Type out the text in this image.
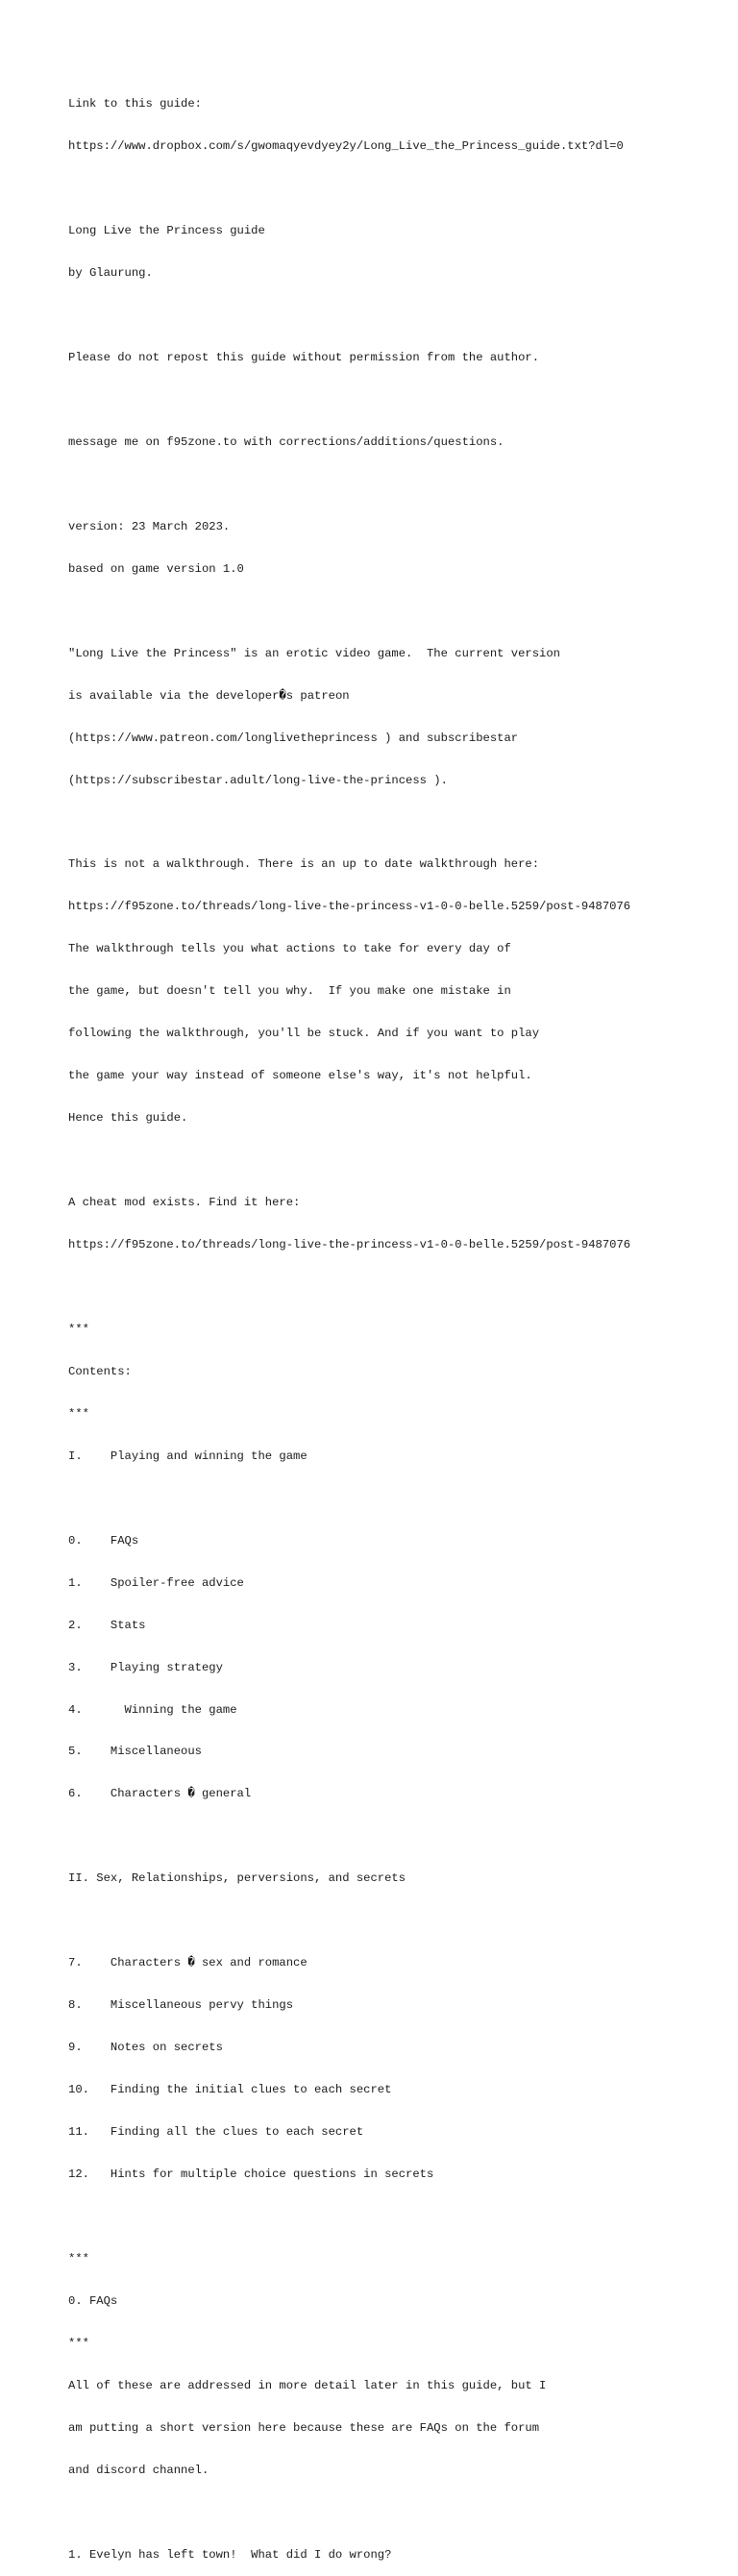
Link to this guide:

https://www.dropbox.com/s/gwomaqyevdyey2y/Long_Live_the_Princess_guide.txt?dl=0

Long Live the Princess guide

by Glaurung.

Please do not repost this guide without permission from the author.

message me on f95zone.to with corrections/additions/questions.

version: 23 March 2023.

based on game version 1.0

"Long Live the Princess" is an erotic video game.  The current version

is available via the developer�s patreon

(https://www.patreon.com/longlivetheprincess ) and subscribestar

(https://subscribestar.adult/long-live-the-princess ).

This is not a walkthrough. There is an up to date walkthrough here:

https://f95zone.to/threads/long-live-the-princess-v1-0-0-belle.5259/post-9487076

The walkthrough tells you what actions to take for every day of

the game, but doesn't tell you why.  If you make one mistake in

following the walkthrough, you'll be stuck. And if you want to play

the game your way instead of someone else's way, it's not helpful.

Hence this guide.

A cheat mod exists. Find it here:

https://f95zone.to/threads/long-live-the-princess-v1-0-0-belle.5259/post-9487076

***

Contents:

***

I.    Playing and winning the game

0.    FAQs

1.    Spoiler-free advice

2.    Stats

3.    Playing strategy

4.      Winning the game

5.    Miscellaneous

6.    Characters � general

II. Sex, Relationships, perversions, and secrets

7.    Characters � sex and romance

8.    Miscellaneous pervy things

9.    Notes on secrets

10.   Finding the initial clues to each secret

11.   Finding all the clues to each secret

12.   Hints for multiple choice questions in secrets

***

0. FAQs

***

All of these are addressed in more detail later in this guide, but I

am putting a short version here because these are FAQs on the forum

and discord channel.

1. Evelyn has left town!  What did I do wrong?
